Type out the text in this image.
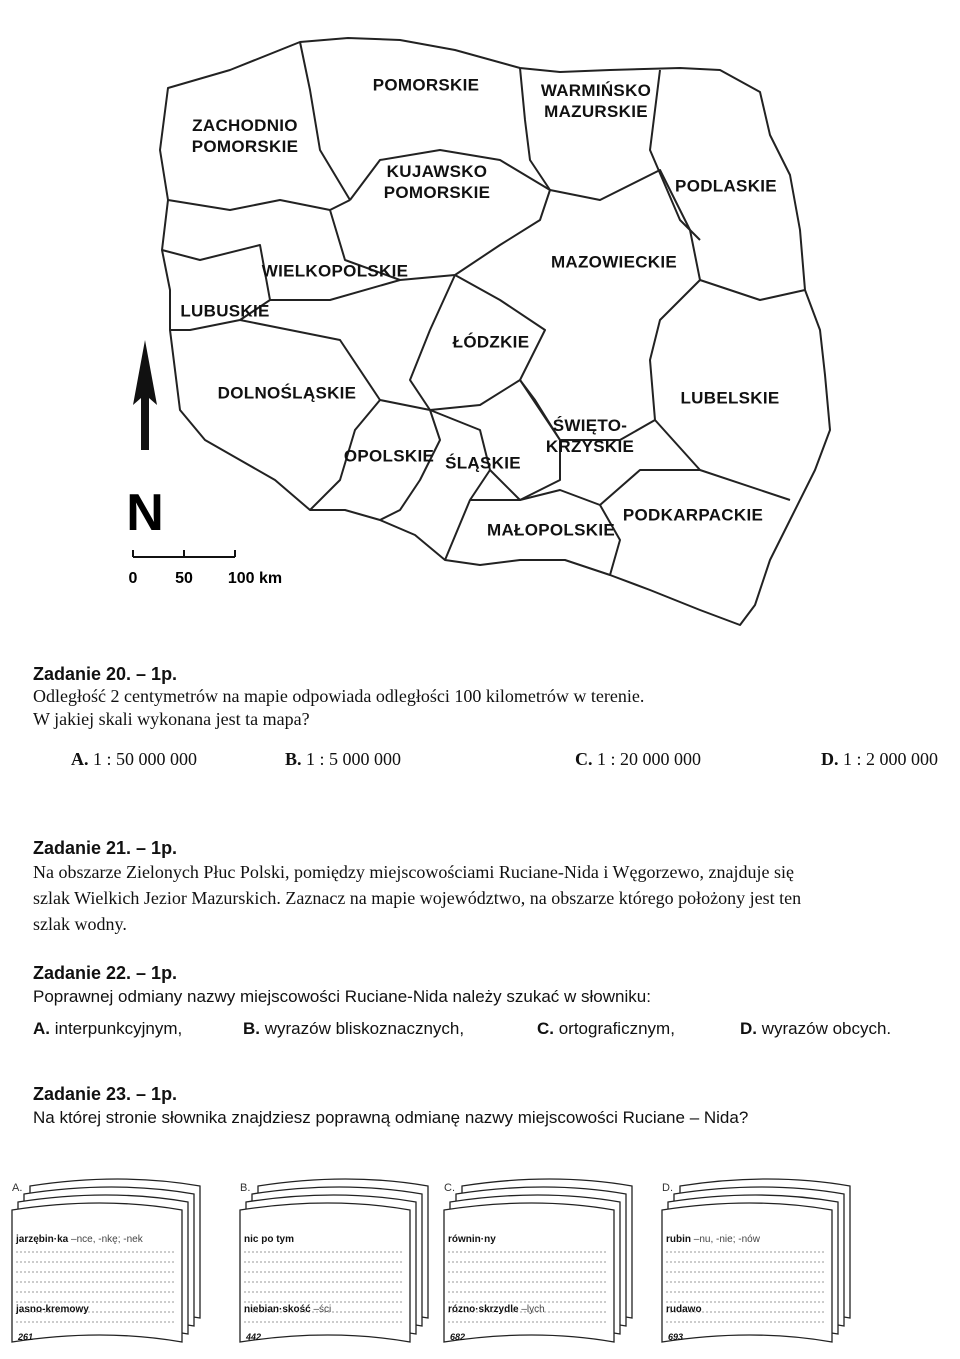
POMORSKIE	WARMIŃSKO
MAZURSKIE
ZACHODNIO
POMORSKIE
KUJAWSKO
POMORSKIE	PODLASKIE
MAZOWIECKIE
WIELKOPOLSKIE
LUBUSKIE
ŁÓDZKIE
DOLNOŚLĄSKIE	LUBELSKIE
ŚWIĘTO-
KRZYSKIE
OPOLSKIE ŚLĄSKIE
MAŁOPOLSKIE
PODKARPACKIE
N
0 50 100 km
Zadanie 20. – 1p.
Odległość 2 centymetrów na mapie odpowiada odległości 100 kilometrów w terenie.
W jakiej skali wykonana jest ta mapa?
A. 1 : 50 000 000	B. 1 : 5 000 000	C. 1 : 20 000 000	D. 1 : 2 000 000
Zadanie 21. – 1p.
Na obszarze Zielonych Płuc Polski, pomiędzy miejscowościami Ruciane-Nida i Węgorzewo, znajduje się
szlak Wielkich Jezior Mazurskich. Zaznacz na mapie województwo, na obszarze którego położony jest ten
szlak wodny.
Zadanie 22. – 1p.
Poprawnej odmiany nazwy miejscowości Ruciane-Nida należy szukać w słowniku:
A. interpunkcyjnym,	B. wyrazów bliskoznacznych,	C. ortograficznym,	D. wyrazów obcych.
Zadanie 23. – 1p.
Na której stronie słownika znajdziesz poprawną odmianę nazwy miejscowości Ruciane – Nida?
A.
jarzębin·ka –nce, -nkę; -nek
jasno-kremowy
261
B.
nic po tym
niebian·skość –ści
442
C.
równin·ny
rózno·skrzydle –lych
682
D.
rubin –nu, -nie; -nów
rudawo
693
